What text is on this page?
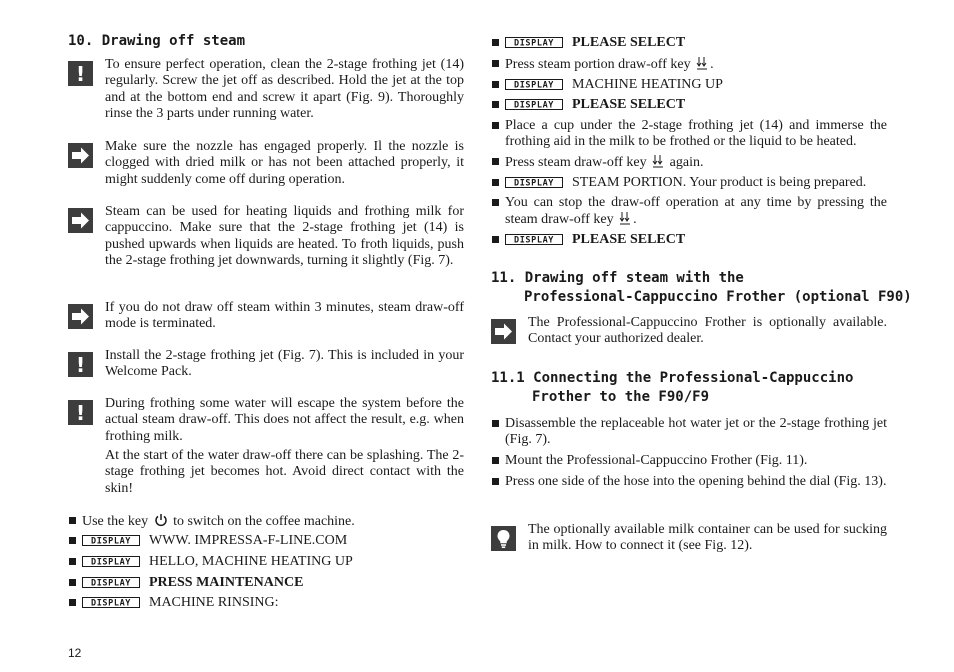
10. Drawing off steam
! To ensure perfect operation, clean the 2-stage frothing jet (14) regularly. Screw the jet off as described. Hold the jet at the top and at the bottom end and screw it apart (Fig. 9). Thoroughly rinse the 3 parts under running water.
Make sure the nozzle has engaged properly. Il the nozzle is clogged with dried milk or has not been attached properly, it might suddenly come off during operation.
Steam can be used for heating liquids and frothing milk for cappuccino. Make sure that the 2-stage frothing jet (14) is pushed upwards when liquids are heated. To froth liquids, push the 2-stage frothing jet downwards, turning it slightly (Fig. 7).
If you do not draw off steam within 3 minutes, steam draw-off mode is terminated.
! Install the 2-stage frothing jet (Fig. 7). This is included in your Welcome Pack.
! During frothing some water will escape the system before the actual steam draw-off. This does not affect the result, e.g. when frothing milk.
At the start of the water draw-off there can be splashing. The 2-stage frothing jet becomes hot. Avoid direct contact with the skin!
Use the key to switch on the coffee machine.
WWW. IMPRESSA-F-LINE.COM
HELLO, MACHINE HEATING UP
PRESS MAINTENANCE
MACHINE RINSING:
12
PLEASE SELECT
Press steam portion draw-off key .
MACHINE HEATING UP
PLEASE SELECT
Place a cup under the 2-stage frothing jet (14) and immerse the frothing aid in the milk to be frothed or the liquid to be heated.
Press steam draw-off key  again.
STEAM PORTION. Your product is being prepared.
You can stop the draw-off operation at any time by pressing the steam draw-off key .
PLEASE SELECT
11. Drawing off steam with the
Professional-Cappuccino Frother (optional F90)
The Professional-Cappuccino Frother is optionally available. Contact your authorized dealer.
11.1 Connecting the Professional-Cappuccino
Frother to the F90/F9
Disassemble the replaceable hot water jet or the 2-stage frothing jet (Fig. 7).
Mount the Professional-Cappuccino Frother (Fig. 11).
Press one side of the hose into the opening behind the dial (Fig. 13).
The optionally available milk container can be used for sucking in milk. How to connect it (see Fig. 12).
